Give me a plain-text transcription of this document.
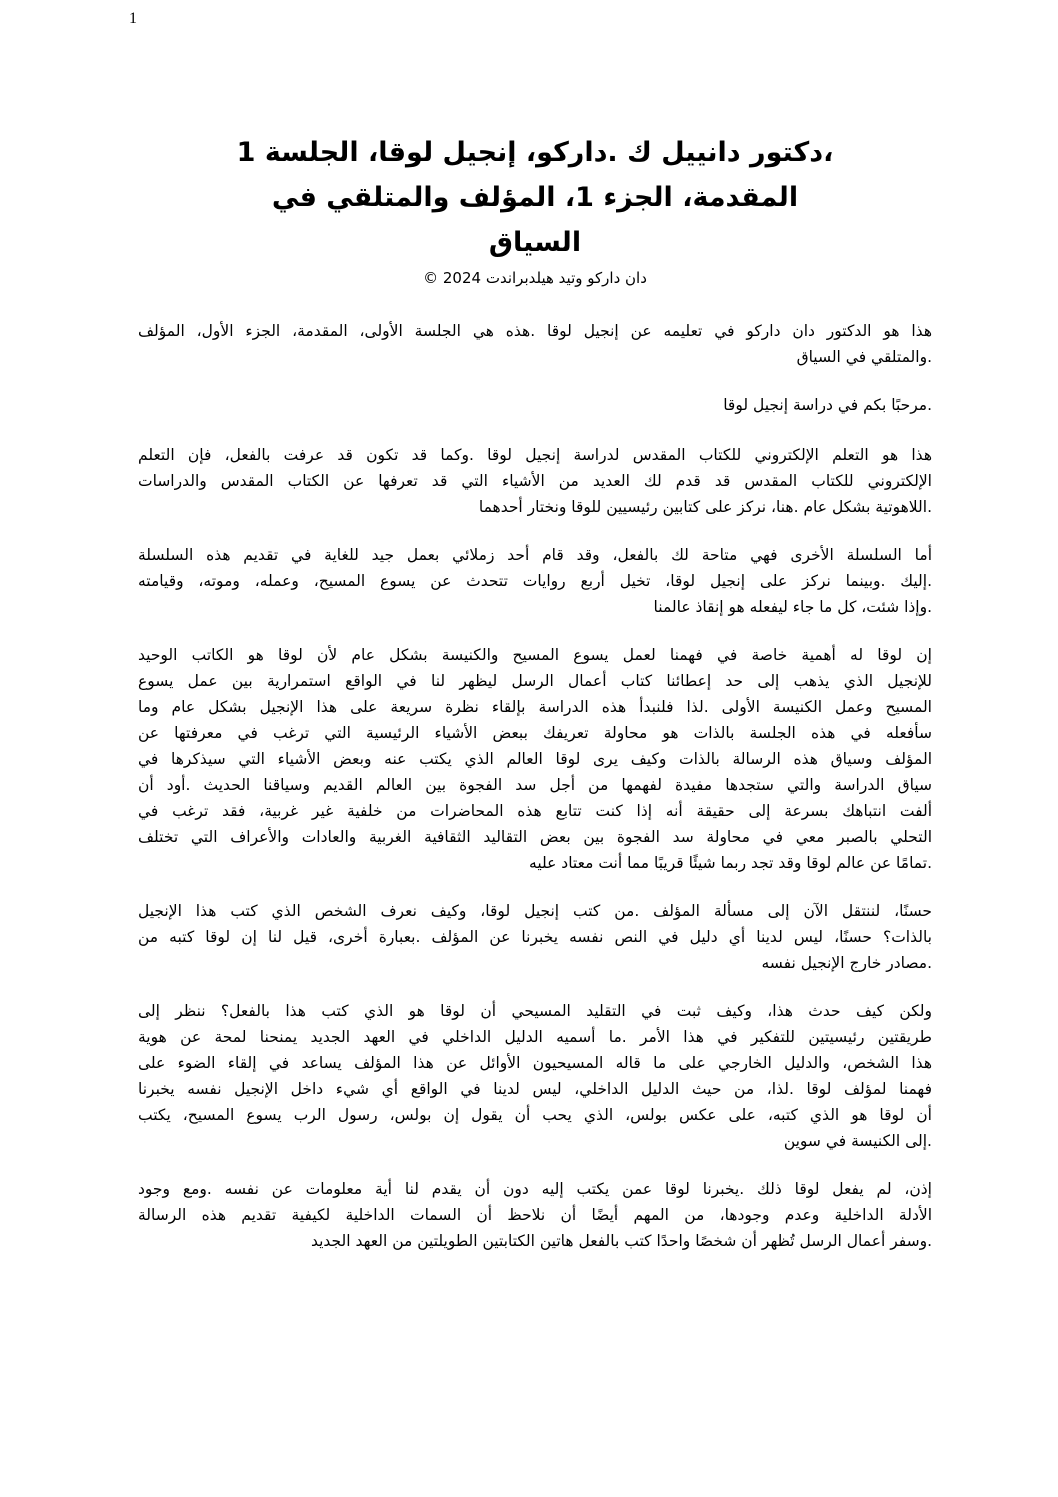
1
،دكتور دانييل ك .داركو، إنجيل لوقا، الجلسة 1
المقدمة، الجزء 1، المؤلف والمتلقي في
السياق
دان داركو وتيد هيلدبراندت 2024 ©

هذا هو الدكتور دان داركو في تعليمه عن إنجيل لوقا .هذه هي الجلسة الأولى، المقدمة، الجزء الأول، المؤلف
.والمتلقي في السياق

.مرحبًا بكم في دراسة إنجيل لوقا

هذا هو التعلم الإلكتروني للكتاب المقدس لدراسة إنجيل لوقا .وكما قد تكون قد عرفت بالفعل، فإن التعلم
الإلكتروني للكتاب المقدس قد قدم لك العديد من الأشياء التي قد تعرفها عن الكتاب المقدس والدراسات
.اللاهوتية بشكل عام .هنا، نركز على كتابين رئيسيين للوقا ونختار أحدهما

أما السلسلة الأخرى فهي متاحة لك بالفعل، وقد قام أحد زملائي بعمل جيد للغاية في تقديم هذه السلسلة
.إليك .وبينما نركز على إنجيل لوقا، تخيل أربع روايات تتحدث عن يسوع المسيح، وعمله، وموته، وقيامته
.وإذا شئت، كل ما جاء ليفعله هو إنقاذ عالمنا

إن لوقا له أهمية خاصة في فهمنا لعمل يسوع المسيح والكنيسة بشكل عام لأن لوقا هو الكاتب الوحيد
للإنجيل الذي يذهب إلى حد إعطائنا كتاب أعمال الرسل ليظهر لنا في الواقع استمرارية بين عمل يسوع
المسيح وعمل الكنيسة الأولى .لذا فلنبدأ هذه الدراسة بإلقاء نظرة سريعة على هذا الإنجيل بشكل عام وما
سأفعله في هذه الجلسة بالذات هو محاولة تعريفك ببعض الأشياء الرئيسية التي ترغب في معرفتها عن
المؤلف وسياق هذه الرسالة بالذات وكيف يرى لوقا العالم الذي يكتب عنه وبعض الأشياء التي سيذكرها في
سياق الدراسة والتي ستجدها مفيدة لفهمها من أجل سد الفجوة بين العالم القديم وسياقنا الحديث .أود أن
ألفت انتباهك بسرعة إلى حقيقة أنه إذا كنت تتابع هذه المحاضرات من خلفية غير غربية، فقد ترغب في
التحلي بالصبر معي في محاولة سد الفجوة بين بعض التقاليد الثقافية الغربية والعادات والأعراف التي تختلف
.تمامًا عن عالم لوقا وقد تجد ربما شيئًا قريبًا مما أنت معتاد عليه

حسنًا، لننتقل الآن إلى مسألة المؤلف .من كتب إنجيل لوقا، وكيف نعرف الشخص الذي كتب هذا الإنجيل
بالذات؟ حسنًا، ليس لدينا أي دليل في النص نفسه يخبرنا عن المؤلف .بعبارة أخرى، قيل لنا إن لوقا كتبه من
.مصادر خارج الإنجيل نفسه

ولكن كيف حدث هذا، وكيف ثبت في التقليد المسيحي أن لوقا هو الذي كتب هذا بالفعل؟ ننظر إلى
طريقتين رئيسيتين للتفكير في هذا الأمر .ما أسميه الدليل الداخلي في العهد الجديد يمنحنا لمحة عن هوية
هذا الشخص، والدليل الخارجي على ما قاله المسيحيون الأوائل عن هذا المؤلف يساعد في إلقاء الضوء على
فهمنا لمؤلف لوقا .لذا، من حيث الدليل الداخلي، ليس لدينا في الواقع أي شيء داخل الإنجيل نفسه يخبرنا
أن لوقا هو الذي كتبه، على عكس بولس، الذي يحب أن يقول إن بولس، رسول الرب يسوع المسيح، يكتب
.إلى الكنيسة في سوين

إذن، لم يفعل لوقا ذلك .يخبرنا لوقا عمن يكتب إليه دون أن يقدم لنا أية معلومات عن نفسه .ومع وجود
الأدلة الداخلية وعدم وجودها، من المهم أيضًا أن نلاحظ أن السمات الداخلية لكيفية تقديم هذه الرسالة
.وسفر أعمال الرسل تُظهر أن شخصًا واحدًا كتب بالفعل هاتين الكتابتين الطويلتين من العهد الجديد
